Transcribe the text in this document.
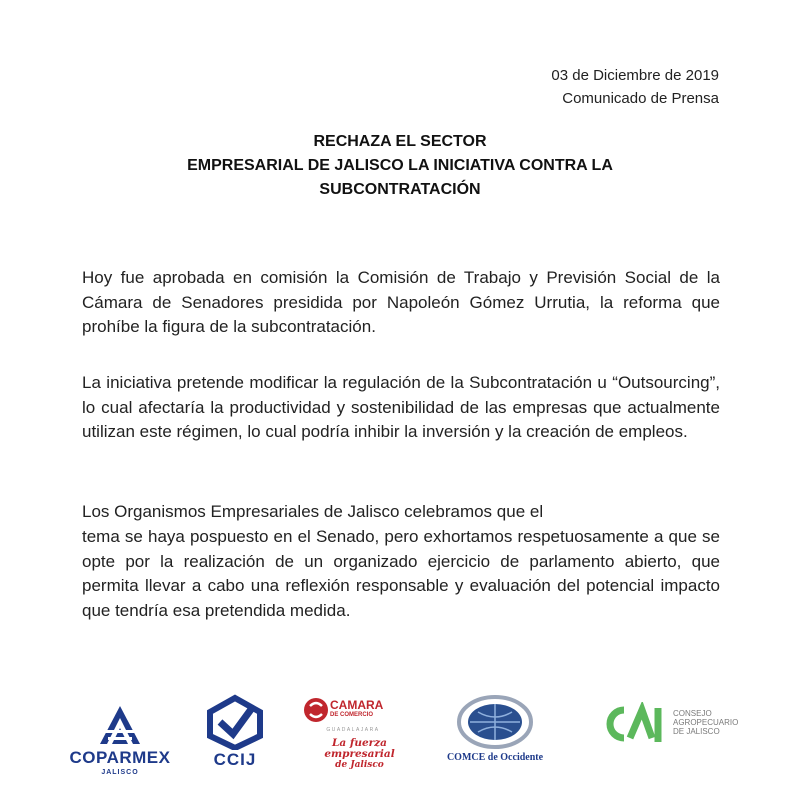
03 de Diciembre de 2019
Comunicado de Prensa
RECHAZA EL SECTOR
EMPRESARIAL DE JALISCO LA INICIATIVA CONTRA LA
SUBCONTRATACIÓN
Hoy fue aprobada en comisión la Comisión de Trabajo y Previsión Social de la Cámara de Senadores presidida por Napoleón Gómez Urrutia, la reforma que prohíbe la figura de la subcontratación.
La iniciativa pretende modificar la regulación de la Subcontratación u “Outsourcing”, lo cual afectaría la productividad y sostenibilidad de las empresas que actualmente utilizan este régimen, lo cual podría inhibir la inversión y la creación de empleos.
Los Organismos Empresariales de Jalisco celebramos que el
tema se haya pospuesto en el Senado, pero exhortamos respetuosamente a que se opte por la realización de un organizado ejercicio de parlamento abierto, que permita llevar a cabo una reflexión responsable y evaluación del potencial impacto que tendría esa pretendida medida.
COPARMEX
JALISCO
CCIJ
CAMARA
DE COMERCIO
GUADALAJARA
La fuerza
empresarial
de Jalisco
COMCE de Occidente
CONSEJO
AGROPECUARIO
DE JALISCO
